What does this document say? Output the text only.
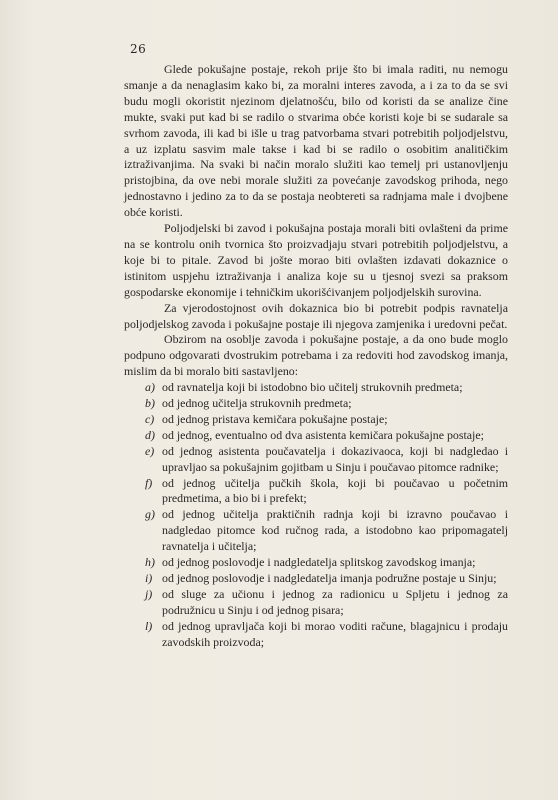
26

Glede pokušajne postaje, rekoh prije što bi imala raditi, nu nemogu smanje a da nenaglasim kako bi, za moralni interes zavoda, a i za to da se svi budu mogli okoristit njezinom djelatnošću, bilo od koristi da se analize čine mukte, svaki put kad bi se radilo o stvarima obće koristi koje bi se sudarale sa svrhom zavoda, ili kad bi išle u trag patvorbama stvari potrebitih poljodjelstvu, a uz izplatu sasvim male takse i kad bi se radilo o osobitim analitičkim iztraživanjima. Na svaki bi način moralo služiti kao temelj pri ustanovljenju pristojbina, da ove nebi morale služiti za povećanje zavodskog prihoda, nego jednostavno i jedino za to da se postaja neobtereti sa radnjama male i dvojbene obće koristi.

Poljodjelski bi zavod i pokušajna postaja morali biti ovlašteni da prime na se kontrolu onih tvornica što proizvadjaju stvari potrebitih poljodjelstvu, a koje bi to pitale. Zavod bi jošte morao biti ovlašten izdavati dokaznice o istinitom uspjehu iztraživanja i analiza koje su u tjesnoj svezi sa praksom gospodarske ekonomije i tehničkim ukorišćivanjem poljodjelskih surovina.

Za vjerodostojnost ovih dokaznica bio bi potrebit podpis ravnatelja poljodjelskog zavoda i pokušajne postaje ili njegova zamjenika i uredovni pečat.

Obzirom na osoblje zavoda i pokušajne postaje, a da ono bude moglo podpuno odgovarati dvostrukim potrebama i za redoviti hod zavodskog imanja, mislim da bi moralo biti sastavljeno:

a) od ravnatelja koji bi istodobno bio učitelj strukovnih predmeta;
b) od jednog učitelja strukovnih predmeta;
c) od jednog pristava kemičara pokušajne postaje;
d) od jednog, eventualno od dva asistenta kemičara pokušajne postaje;
e) od jednog asistenta poučavatelja i dokazivaoca, koji bi nadgledao i upravljao sa pokušajnim gojitbam u Sinju i poučavao pitomce radnike;
f) od jednog učitelja pučkih škola, koji bi poučavao u početnim predmetima, a bio bi i prefekt;
g) od jednog učitelja praktičnih radnja koji bi izravno poučavao i nadgledao pitomce kod ručnog rada, a istodobno kao pripomagatelj ravnatelja i učitelja;
h) od jednog poslovodje i nadgledatelja splitskog zavodskog imanja;
i) od jednog poslovodje i nadgledatelja imanja podružne postaje u Sinju;
j) od sluge za učionu i jednog za radionicu u Spljetu i jednog za podružnicu u Sinju i od jednog pisara;
l) od jednog upravljača koji bi morao voditi račune, blagajnicu i prodaju zavodskih proizvoda;
